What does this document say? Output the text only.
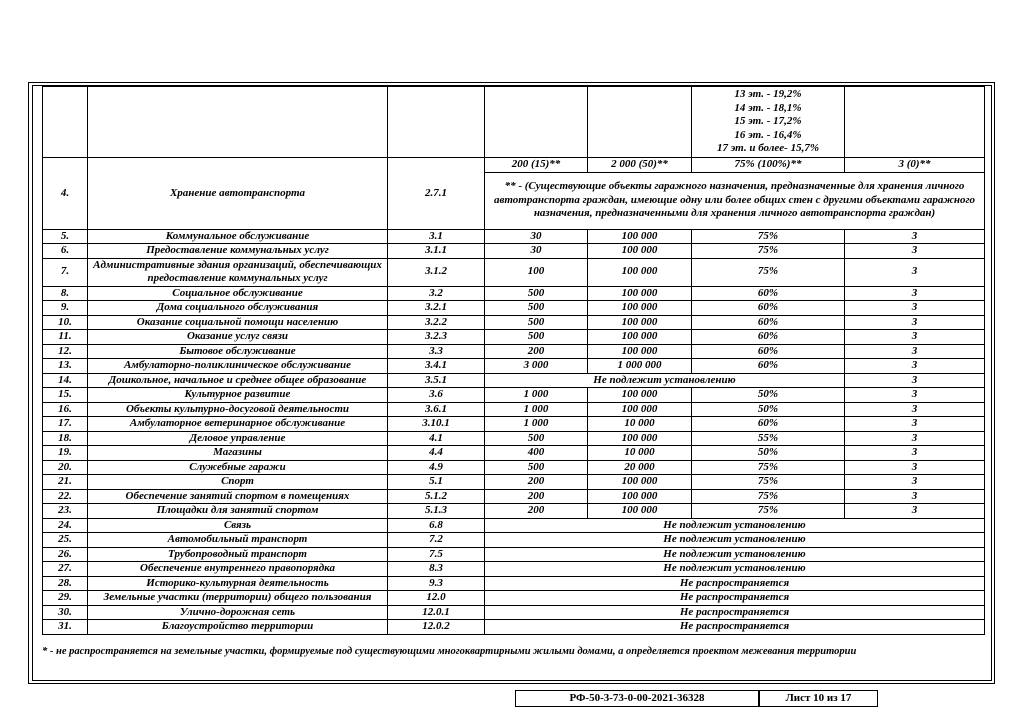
					13 эт. - 19,2%
14 эт. - 18,1%
15 эт. - 17,2%
16 эт. - 16,4%
17 эт. и более- 15,7%	

4.	Хранение автотранспорта	2.7.1	200 (15)**	2 000 (50)**	75% (100%)**	3 (0)**
			** - (Существующие объекты гаражного назначения, предназначенные для хранения личного автотранспорта граждан, имеющие одну или более общих стен с другими объектами гаражного назначения, предназначенными для хранения личного автотранспорта граждан)			
5.	Коммунальное обслуживание	3.1	30	100 000	75%	3
6.	Предоставление коммунальных услуг	3.1.1	30	100 000	75%	3
7.	Административные здания организаций, обеспечивающих предоставление коммунальных услуг	3.1.2	100	100 000	75%	3
8.	Социальное обслуживание	3.2	500	100 000	60%	3
9.	Дома социального обслуживания	3.2.1	500	100 000	60%	3
10.	Оказание социальной помощи населению	3.2.2	500	100 000	60%	3
11.	Оказание услуг связи	3.2.3	500	100 000	60%	3
12.	Бытовое обслуживание	3.3	200	100 000	60%	3
13.	Амбулаторно-поликлиническое обслуживание	3.4.1	3 000	1 000 000	60%	3
14.	Дошкольное, начальное и среднее общее образование	3.5.1	Не подлежит установлению			3
15.	Культурное развитие	3.6	1 000	100 000	50%	3
16.	Объекты культурно-досуговой деятельности	3.6.1	1 000	100 000	50%	3
17.	Амбулаторное ветеринарное обслуживание	3.10.1	1 000	10 000	60%	3
18.	Деловое управление	4.1	500	100 000	55%	3
19.	Магазины	4.4	400	10 000	50%	3
20.	Служебные гаражи	4.9	500	20 000	75%	3
21.	Спорт	5.1	200	100 000	75%	3
22.	Обеспечение занятий спортом в помещениях	5.1.2	200	100 000	75%	3
23.	Площадки для занятий спортом	5.1.3	200	100 000	75%	3
24.	Связь	6.8	Не подлежит установлению			
25.	Автомобильный транспорт	7.2	Не подлежит установлению			
26.	Трубопроводный транспорт	7.5	Не подлежит установлению			
27.	Обеспечение внутреннего правопорядка	8.3	Не подлежит установлению			
28.	Историко-культурная деятельность	9.3	Не распространяется			
29.	Земельные участки (территории) общего пользования	12.0	Не распространяется			
30.	Улично-дорожная сеть	12.0.1	Не распространяется			
31.	Благоустройство территории	12.0.2	Не распространяется			
* - не распространяется на земельные участки, формируемые под существующими многоквартирными жилыми домами, а определяется проектом межевания территории
РФ-50-3-73-0-00-2021-36328	Лист 10 из 17
